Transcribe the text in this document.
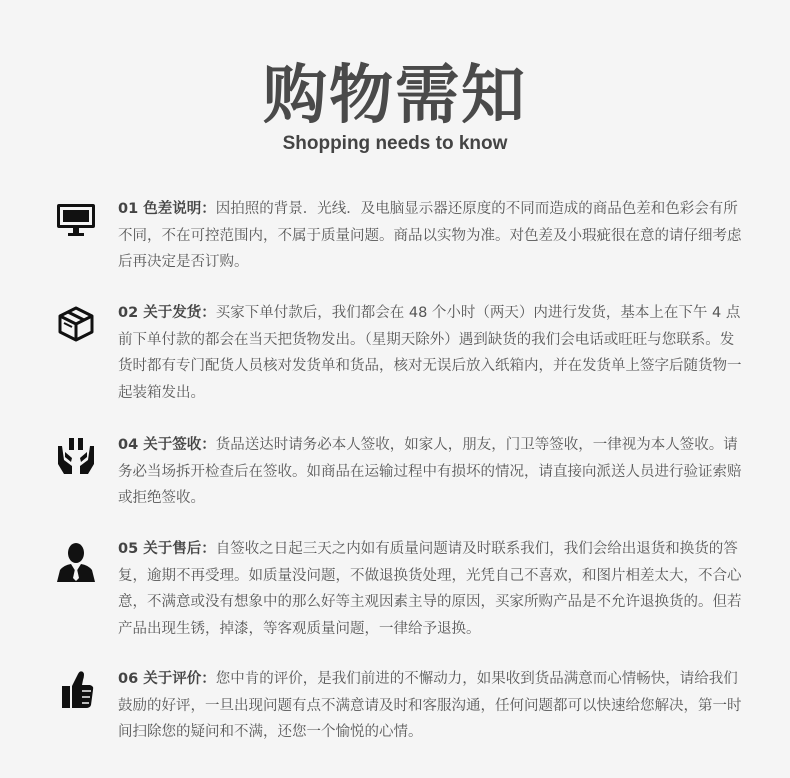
购物需知
Shopping needs to know
01 色差说明：因拍照的背景．光线．及电脑显示器还原度的不同而造成的商品色差和色彩会有所不同，不在可控范围内，不属于质量问题。商品以实物为准。对色差及小瑕疵很在意的请仔细考虑后再决定是否订购。
02 关于发货：买家下单付款后，我们都会在 48 个小时（两天）内进行发货，基本上在下午 4 点前下单付款的都会在当天把货物发出。（星期天除外）遇到缺货的我们会电话或旺旺与您联系。发货时都有专门配货人员核对发货单和货品，核对无误后放入纸箱内，并在发货单上签字后随货物一起装箱发出。
04 关于签收：货品送达时请务必本人签收，如家人，朋友，门卫等签收，一律视为本人签收。请务必当场拆开检查后在签收。如商品在运输过程中有损坏的情况，请直接向派送人员进行验证索赔或拒绝签收。
05 关于售后：自签收之日起三天之内如有质量问题请及时联系我们，我们会给出退货和换货的答复，逾期不再受理。如质量没问题，不做退换货处理，光凭自己不喜欢，和图片相差太大，不合心意，不满意或没有想象中的那么好等主观因素主导的原因，买家所购产品是不允许退换货的。但若产品出现生锈，掉漆，等客观质量问题，一律给予退换。
06 关于评价：您中肯的评价，是我们前进的不懈动力，如果收到货品满意而心情畅快，请给我们鼓励的好评，一旦出现问题有点不满意请及时和客服沟通，任何问题都可以快速给您解决，第一时间扫除您的疑问和不满，还您一个愉悦的心情。
